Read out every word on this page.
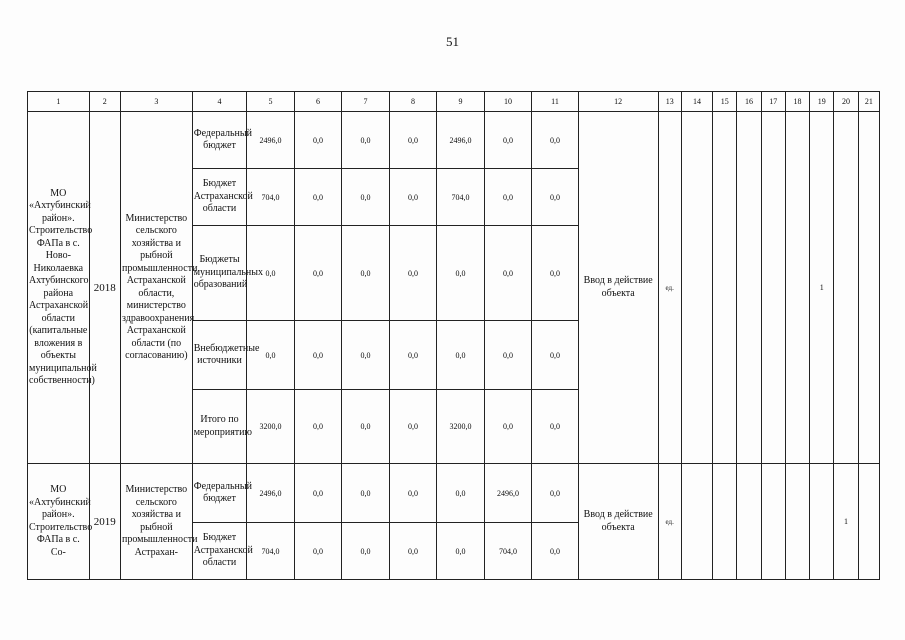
51
1	2	3	4	5	6	7	8	9	10	11	12	13	14	15	16	17	18	19	20	21
МО «Ахтубинский район». Строительство ФАПа в с. Ново-Николаевка Ахтубинского района Астраханской области (капитальные вложения в объекты муниципальной собственности)	2018	Министерство сельского хозяйства и рыбной промышленности Астраханской области, министерство здравоохранения Астраханской области (по согласованию)	Федеральный бюджет	2496,0	0,0	0,0	0,0	2496,0	0,0	0,0	Ввод в действие объекта	ед.						1		
			Бюджет Астраханской области	704,0	0,0	0,0	0,0	704,0	0,0	0,0										
			Бюджеты муниципальных образований	0,0	0,0	0,0	0,0	0,0	0,0	0,0										
			Внебюджетные источники	0,0	0,0	0,0	0,0	0,0	0,0	0,0										
			Итого по мероприятию	3200,0	0,0	0,0	0,0	3200,0	0,0	0,0										
МО «Ахтубинский район». Строительство ФАПа в с. Со-	2019	Министерство сельского хозяйства и рыбной промышленности Астрахан-	Федеральный бюджет	2496,0	0,0	0,0	0,0	0,0	2496,0	0,0	Ввод в действие объекта	ед.							1	
			Бюджет Астраханской области	704,0	0,0	0,0	0,0	0,0	704,0	0,0										
